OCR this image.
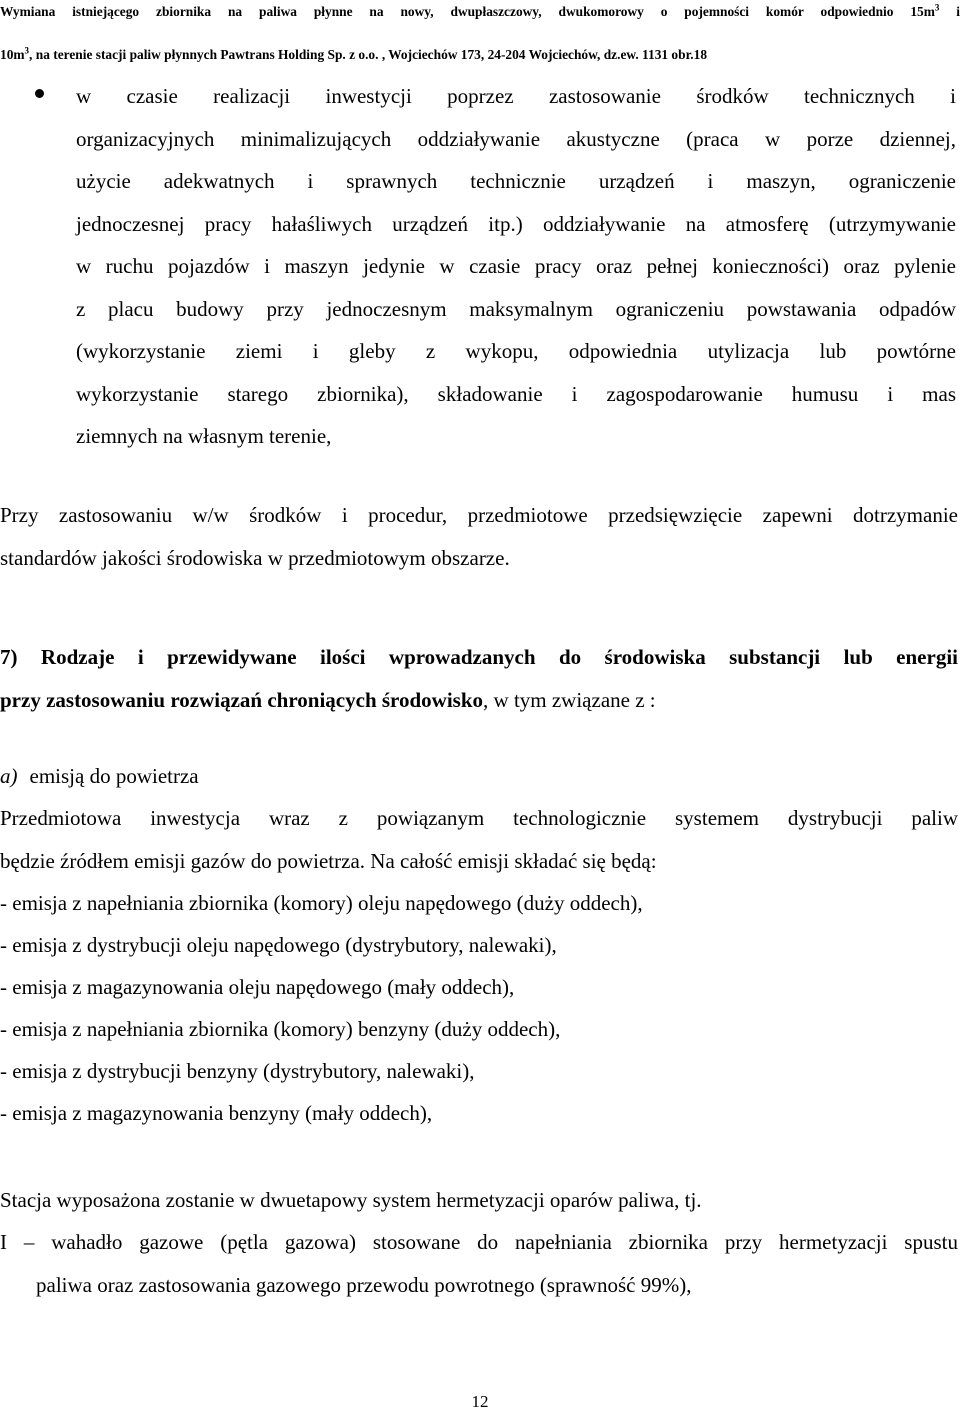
Wymiana istniejącego zbiornika na paliwa płynne na nowy, dwupłaszczowy, dwukomorowy o pojemności komór odpowiednio $15m^3$ i
$10m^3$, na terenie stacji paliw płynnych Pawtrans Holding Sp. z o.o. , Wojciechów 173, 24-204 Wojciechów, dz.ew. 1131 obr.18
w czasie realizacji inwestycji poprzez zastosowanie środków technicznych i
organizacyjnych minimalizujących oddziaływanie akustyczne (praca w porze dziennej,
użycie adekwatnych i sprawnych technicznie urządzeń i maszyn, ograniczenie
jednoczesnej pracy hałaśliwych urządzeń itp.) oddziaływanie na atmosferę (utrzymywanie
w ruchu pojazdów i maszyn jedynie w czasie pracy oraz pełnej konieczności) oraz pylenie
z placu budowy przy jednoczesnym maksymalnym ograniczeniu powstawania odpadów
(wykorzystanie ziemi i gleby z wykopu, odpowiednia utylizacja lub powtórne
wykorzystanie starego zbiornika), składowanie i zagospodarowanie humusu i mas
ziemnych na własnym terenie,
Przy zastosowaniu w/w środków i procedur, przedmiotowe przedsięwzięcie zapewni dotrzymanie
standardów jakości środowiska w przedmiotowym obszarze.
7) Rodzaje i przewidywane ilości wprowadzanych do środowiska substancji lub energii
przy zastosowaniu rozwiązań chroniących środowisko, w tym związane z :
a) emisją do powietrza
Przedmiotowa inwestycja wraz z powiązanym technologicznie systemem dystrybucji paliw
będzie źródłem emisji gazów do powietrza. Na całość emisji składać się będą:
- emisja z napełniania zbiornika (komory) oleju napędowego (duży oddech),
- emisja z dystrybucji oleju napędowego (dystrybutory, nalewaki),
- emisja z magazynowania oleju napędowego (mały oddech),
- emisja z napełniania zbiornika (komory) benzyny (duży oddech),
- emisja z dystrybucji benzyny (dystrybutory, nalewaki),
- emisja z magazynowania benzyny (mały oddech),
Stacja wyposażona zostanie w dwuetapowy system hermetyzacji oparów paliwa, tj.
I – wahadło gazowe (pętla gazowa) stosowane do napełniania zbiornika przy hermetyzacji spustu
paliwa oraz zastosowania gazowego przewodu powrotnego (sprawność 99%),
12
